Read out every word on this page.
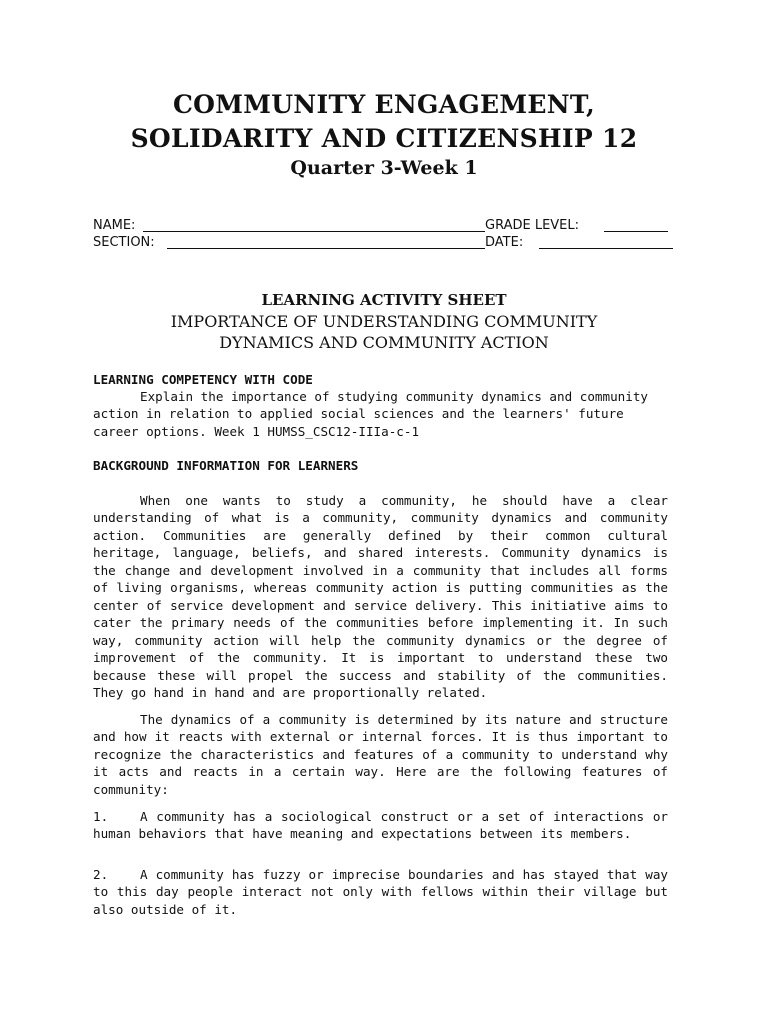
COMMUNITY ENGAGEMENT,
SOLIDARITY AND CITIZENSHIP 12
Quarter 3-Week 1
NAME:	GRADE LEVEL:
SECTION:	DATE:

LEARNING ACTIVITY SHEET

IMPORTANCE OF UNDERSTANDING COMMUNITY

DYNAMICS AND COMMUNITY ACTION

LEARNING COMPETENCY WITH CODE

Explain the importance of studying community dynamics and community action in relation to applied social sciences and the learners' future career options. Week 1 HUMSS_CSC12-IIIa-c-1

BACKGROUND INFORMATION FOR LEARNERS

When one wants to study a community, he should have a clear understanding of what is a community, community dynamics and community action. Communities are generally defined by their common cultural heritage, language, beliefs, and shared interests. Community dynamics is the change and development involved in a community that includes all forms of living organisms, whereas community action is putting communities as the center of service development and service delivery. This initiative aims to cater the primary needs of the communities before implementing it. In such way, community action will help the community dynamics or the degree of improvement of the community. It is important to understand these two because these will propel the success and stability of the communities. They go hand in hand and are proportionally related.

The dynamics of a community is determined by its nature and structure and how it reacts with external or internal forces. It is thus important to recognize the characteristics and features of a community to understand why it acts and reacts in a certain way. Here are the following features of community:

1.	A community has a sociological construct or a set of interactions or human behaviors that have meaning and expectations between its members.

2.	A community has fuzzy or imprecise boundaries and has stayed that way to this day people interact not only with fellows within their village but also outside of it.
